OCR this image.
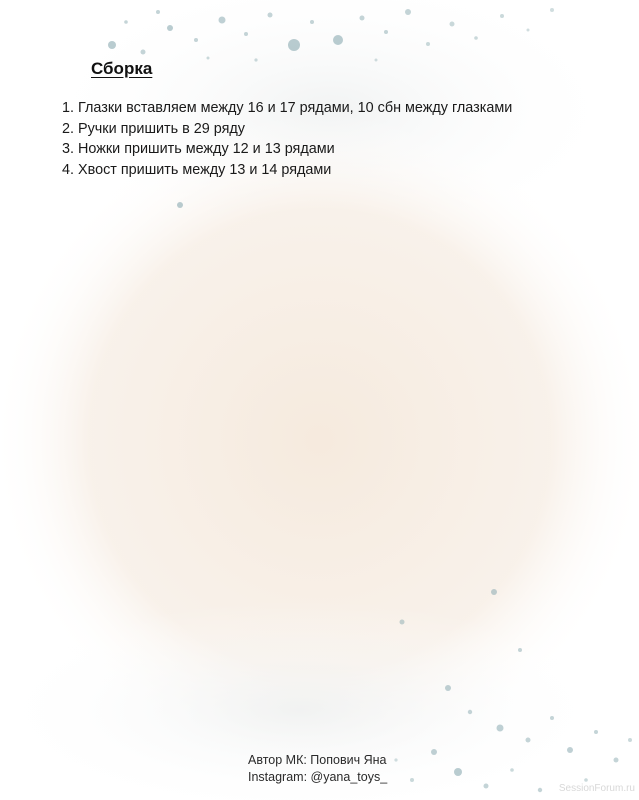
Сборка
1. Глазки вставляем между 16 и 17 рядами, 10 сбн между глазками
2. Ручки пришить в 29 ряду
3. Ножки пришить между 12 и 13 рядами
4. Хвост пришить между 13 и 14 рядами
Автор МК: Попович Яна
Instagram: @yana_toys_
SessionForum.ru
